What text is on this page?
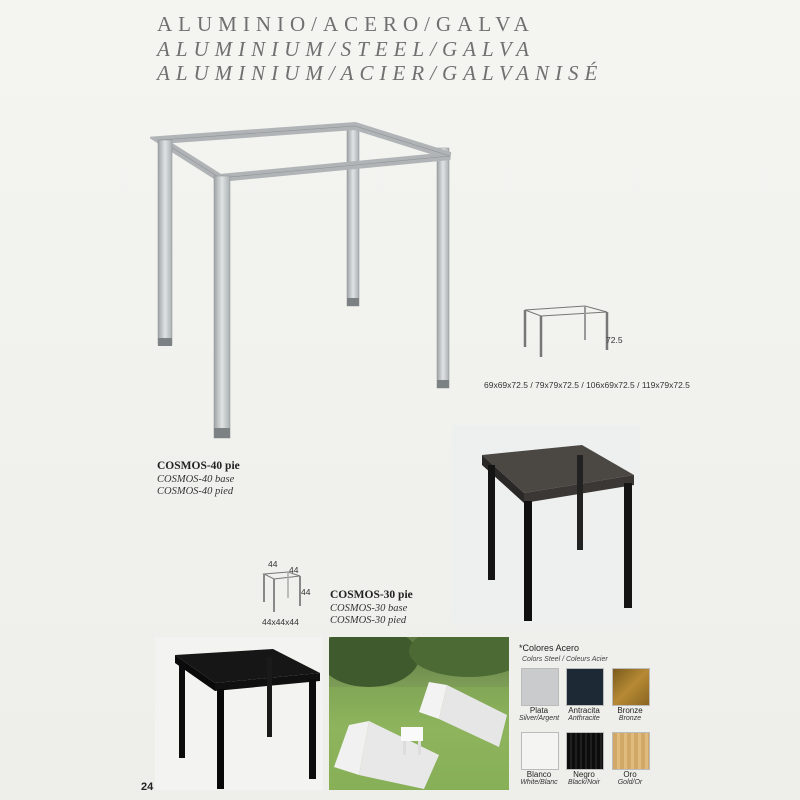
ALUMINIO/ACERO/GALVA
ALUMINIUM/STEEL/GALVA
ALUMINIUM/ACIER/GALVANISÉ
COSMOS-40 pie
COSMOS-40 base
COSMOS-40 pied
72.5
69x69x72.5 / 79x79x72.5 / 106x69x72.5 / 119x79x72.5
44
44
44
44x44x44
COSMOS-30 pie
COSMOS-30 base
COSMOS-30 pied
*Colores Acero
Colors Steel / Coleurs Acier
Plata
Silver/Argent
Antracita
Anthracite
Bronze
Bronze
Blanco
White/Blanc
Negro
Black/Noir
Oro
Gold/Or
24
